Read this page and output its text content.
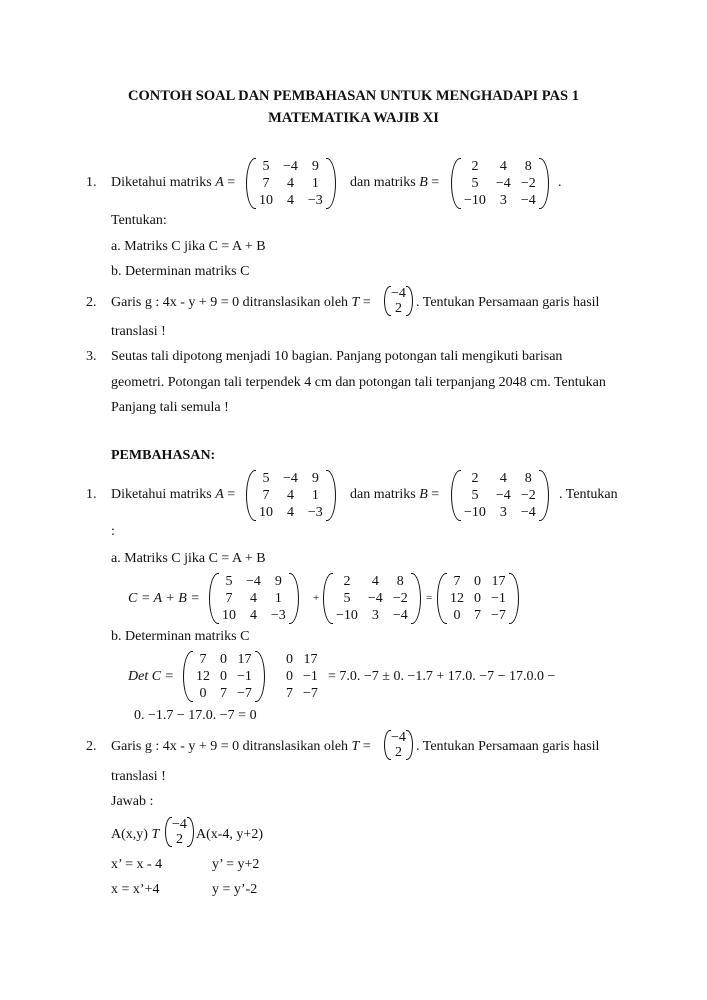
CONTOH SOAL DAN PEMBAHASAN UNTUK MENGHADAPI PAS 1
MATEMATIKA WAJIB XI
1. Diketahui matriks A =
5	−4	9
7	4	1
10	4	−3
dan matriks B =
2	4	8
5	−4	−2
−10	3	−4
.
Tentukan:
a. Matriks C jika C = A + B
b. Determinan matriks C
2. Garis g : 4x - y + 9 = 0 ditranslasikan oleh T =
−4
2 . Tentukan Persamaan garis hasil
translasi !
3. Seutas tali dipotong menjadi 10 bagian. Panjang potongan tali mengikuti barisan
geometri. Potongan tali terpendek 4 cm dan potongan tali terpanjang 2048 cm. Tentukan
Panjang tali semula !
PEMBAHASAN:
1. Diketahui matriks A =
5	−4	9
7	4	1
10	4	−3
dan matriks B =
2	4	8
5	−4	−2
−10	3	−4
. Tentukan
:
a. Matriks C jika C = A + B
C = A + B =
5	−4	9
7	4	1
10	4	−3
+
2	4	8
5	−4	−2
−10	3	−4
=
7	0	17
12	0	−1
0	7	−7
b. Determinan matriks C
Det C =
7	0	17
12	0	−1
0	7	−7
0	17
0	−1
7	−7
= 7.0. −7 ± 0. −1.7 + 17.0. −7 − 17.0.0 −
0. −1.7 − 17.0. −7 = 0
2. Garis g : 4x - y + 9 = 0 ditranslasikan oleh T =
−4
2 . Tentukan Persamaan garis hasil
translasi !
Jawab :
A(x,y) T
−4
2 A(x-4, y+2)
x’ = x - 4	y’ = y+2
x = x’+4	y = y’-2
